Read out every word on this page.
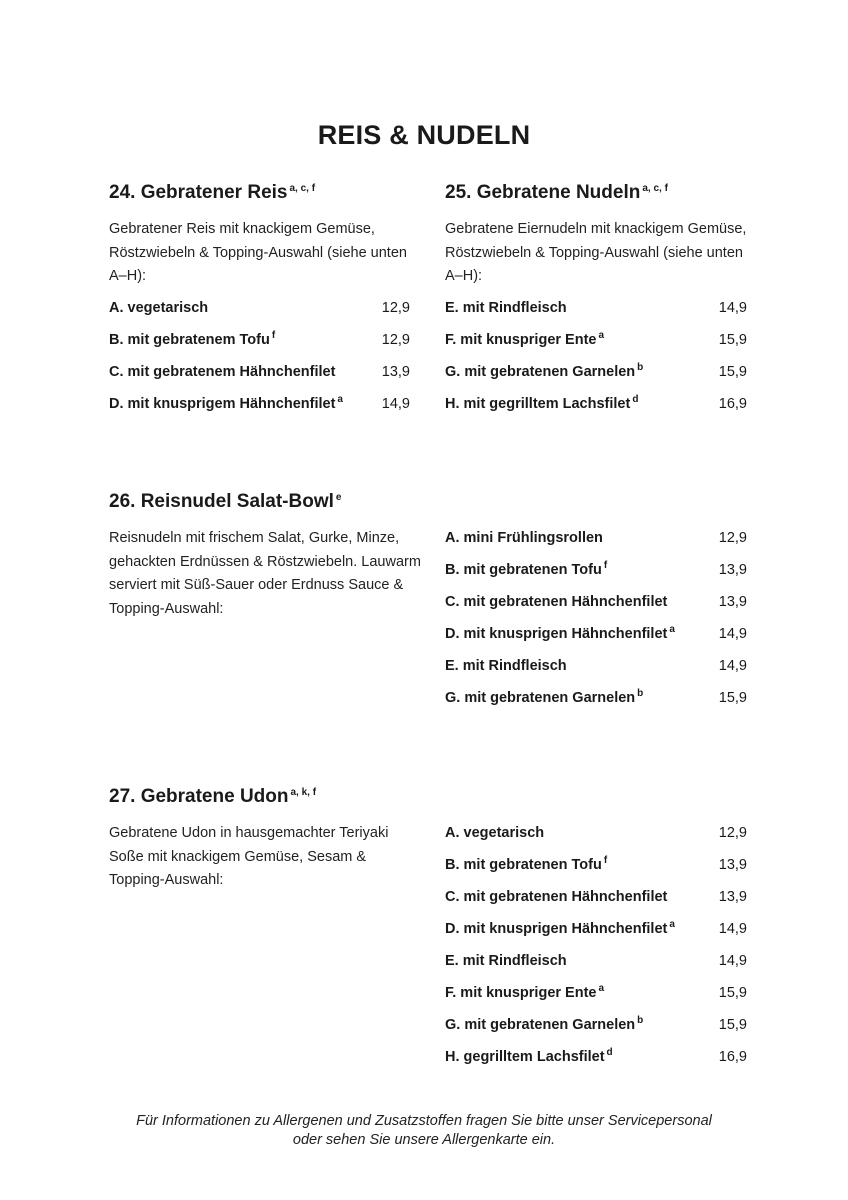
REIS & NUDELN
24. Gebratener Reis $^{a, c, f}$
Gebratener Reis mit knackigem Gemüse, Röstzwiebeln & Topping-Auswahl (siehe unten A–H):
A. vegetarisch	12,9
B. mit gebratenem Tofu $^f$	12,9
C. mit gebratenem Hähnchenfilet	13,9
D. mit knusprigem Hähnchenfilet $^a$	14,9
25. Gebratene Nudeln $^{a, c, f}$
Gebratene Eiernudeln mit knackigem Gemüse, Röstzwiebeln & Topping-Auswahl (siehe unten A–H):
E. mit Rindfleisch	14,9
F. mit knuspriger Ente $^a$	15,9
G. mit gebratenen Garnelen $^b$	15,9
H. mit gegrilltem Lachsfilet $^d$	16,9
26. Reisnudel Salat-Bowl $^e$
Reisnudeln mit frischem Salat, Gurke, Minze, gehackten Erdnüssen & Röstzwiebeln. Lauwarm serviert mit Süß-Sauer oder Erdnuss Sauce & Topping-Auswahl:
A. mini Frühlingsrollen	12,9
B. mit gebratenen Tofu $^f$	13,9
C. mit gebratenen Hähnchenfilet	13,9
D. mit knusprigen Hähnchenfilet $^a$	14,9
E. mit Rindfleisch	14,9
G. mit gebratenen Garnelen $^b$	15,9
27. Gebratene Udon $^{a, k, f}$
Gebratene Udon in hausgemachter Teriyaki Soße mit knackigem Gemüse, Sesam & Topping-Auswahl:
A. vegetarisch	12,9
B. mit gebratenen Tofu $^f$	13,9
C. mit gebratenen Hähnchenfilet	13,9
D. mit knusprigen Hähnchenfilet $^a$	14,9
E. mit Rindfleisch	14,9
F. mit knuspriger Ente $^a$	15,9
G. mit gebratenen Garnelen $^b$	15,9
H. gegrilltem Lachsfilet $^d$	16,9
Für Informationen zu Allergenen und Zusatzstoffen fragen Sie bitte unser Servicepersonal
oder sehen Sie unsere Allergenkarte ein.
